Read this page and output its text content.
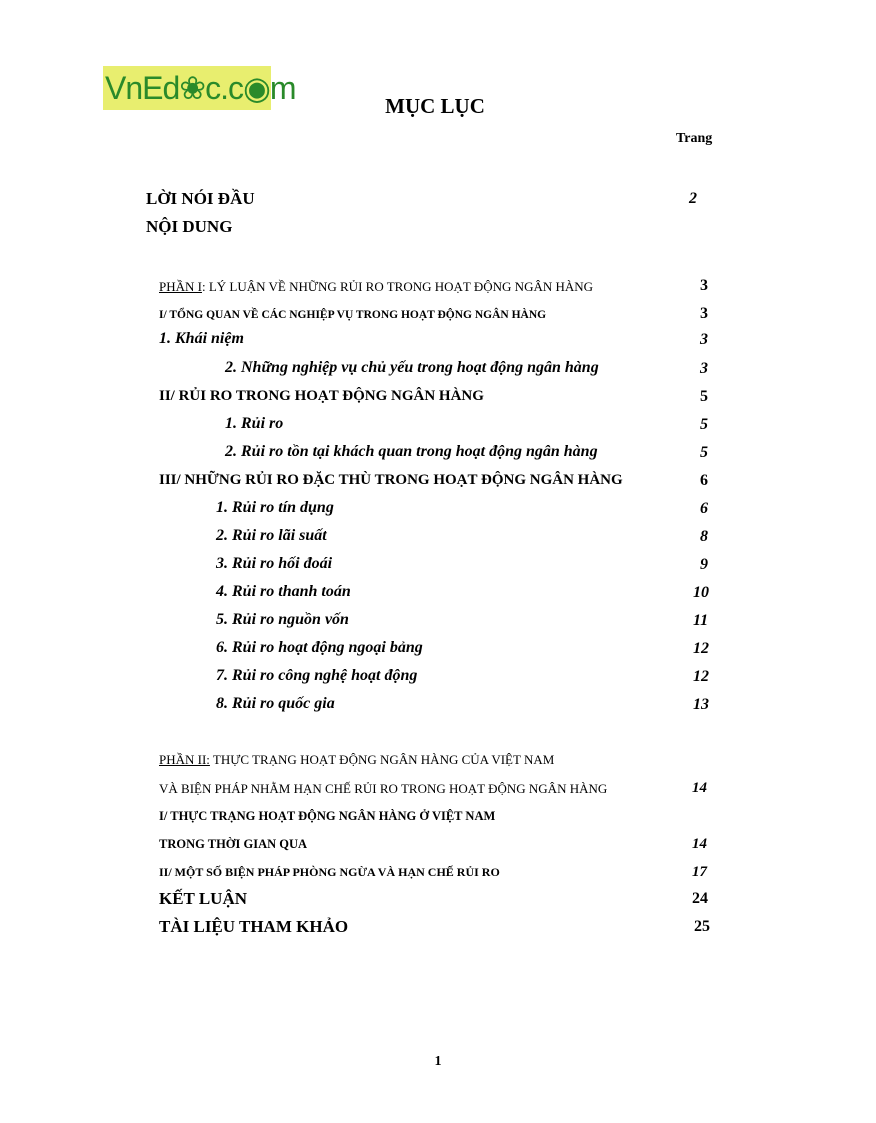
VnEd❀c.c◉m	MỤC LỤC
Trang
LỜI NÓI ĐẦU	2
NỘI DUNG
PHẦN I: LÝ LUẬN VỀ NHỮNG RỦI RO TRONG HOẠT ĐỘNG NGÂN HÀNG	3
I/ TỔNG QUAN VỀ CÁC NGHIỆP VỤ TRONG HOẠT ĐỘNG NGÂN HÀNG	3
1. Khái niệm	3
2. Những nghiệp vụ chủ yếu trong hoạt động ngân hàng	3
II/ RỦI RO TRONG HOẠT ĐỘNG NGÂN HÀNG	5
1. Rủi ro	5
2. Rủi ro tồn tại khách quan trong hoạt động ngân hàng	5
III/ NHỮNG RỦI RO ĐẶC THÙ TRONG HOẠT ĐỘNG NGÂN HÀNG	6
1. Rủi ro tín dụng	6
2. Rủi ro lãi suất	8
3. Rủi ro hối đoái	9
4. Rủi ro thanh toán	10
5. Rủi ro nguồn vốn	11
6. Rủi ro hoạt động ngoại bảng	12
7. Rủi ro công nghệ hoạt động	12
8. Rủi ro quốc gia	13
PHẦN II: THỰC TRẠNG HOẠT ĐỘNG NGÂN HÀNG CỦA VIỆT NAM
VÀ BIỆN PHÁP NHẰM HẠN CHẾ RỦI RO TRONG HOẠT ĐỘNG NGÂN HÀNG	14
I/ THỰC TRẠNG HOẠT ĐỘNG NGÂN HÀNG Ở VIỆT NAM
TRONG THỜI GIAN QUA	14
II/ MỘT SỐ BIỆN PHÁP PHÒNG NGỪA VÀ HẠN CHẾ RỦI RO	17
KẾT LUẬN	24
TÀI LIỆU THAM KHẢO	25
1
